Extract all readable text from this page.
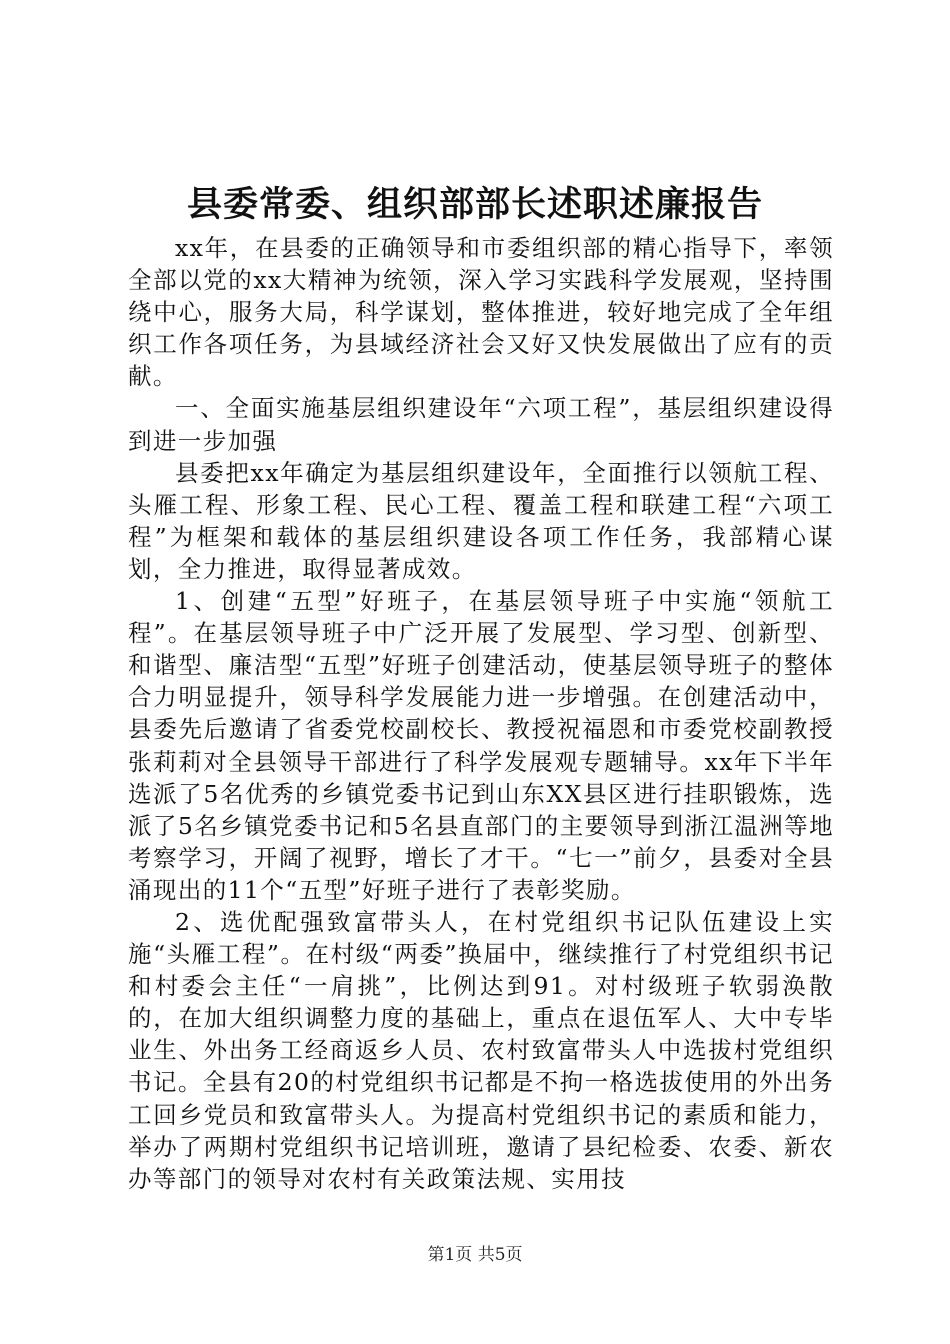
县委常委、组织部部长述职述廉报告

xx年，在县委的正确领导和市委组织部的精心指导下，率领全部以党的xx大精神为统领，深入学习实践科学发展观，坚持围绕中心，服务大局，科学谋划，整体推进，较好地完成了全年组织工作各项任务，为县域经济社会又好又快发展做出了应有的贡献。

一、全面实施基层组织建设年“六项工程”，基层组织建设得到进一步加强

县委把xx年确定为基层组织建设年，全面推行以领航工程、头雁工程、形象工程、民心工程、覆盖工程和联建工程“六项工程”为框架和载体的基层组织建设各项工作任务，我部精心谋划，全力推进，取得显著成效。

1、创建“五型”好班子，在基层领导班子中实施“领航工程”。在基层领导班子中广泛开展了发展型、学习型、创新型、和谐型、廉洁型“五型”好班子创建活动，使基层领导班子的整体合力明显提升，领导科学发展能力进一步增强。在创建活动中，县委先后邀请了省委党校副校长、教授祝福恩和市委党校副教授张莉莉对全县领导干部进行了科学发展观专题辅导。xx年下半年选派了5名优秀的乡镇党委书记到山东XX县区进行挂职锻炼，选派了5名乡镇党委书记和5名县直部门的主要领导到浙江温洲等地考察学习，开阔了视野，增长了才干。“七一”前夕，县委对全县涌现出的11个“五型”好班子进行了表彰奖励。

2、选优配强致富带头人，在村党组织书记队伍建设上实施“头雁工程”。在村级“两委”换届中，继续推行了村党组织书记和村委会主任“一肩挑”，比例达到91。对村级班子软弱涣散的，在加大组织调整力度的基础上，重点在退伍军人、大中专毕业生、外出务工经商返乡人员、农村致富带头人中选拔村党组织书记。全县有20的村党组织书记都是不拘一格选拔使用的外出务工回乡党员和致富带头人。为提高村党组织书记的素质和能力，举办了两期村党组织书记培训班，邀请了县纪检委、农委、新农办等部门的领导对农村有关政策法规、实用技

第1页 共5页
